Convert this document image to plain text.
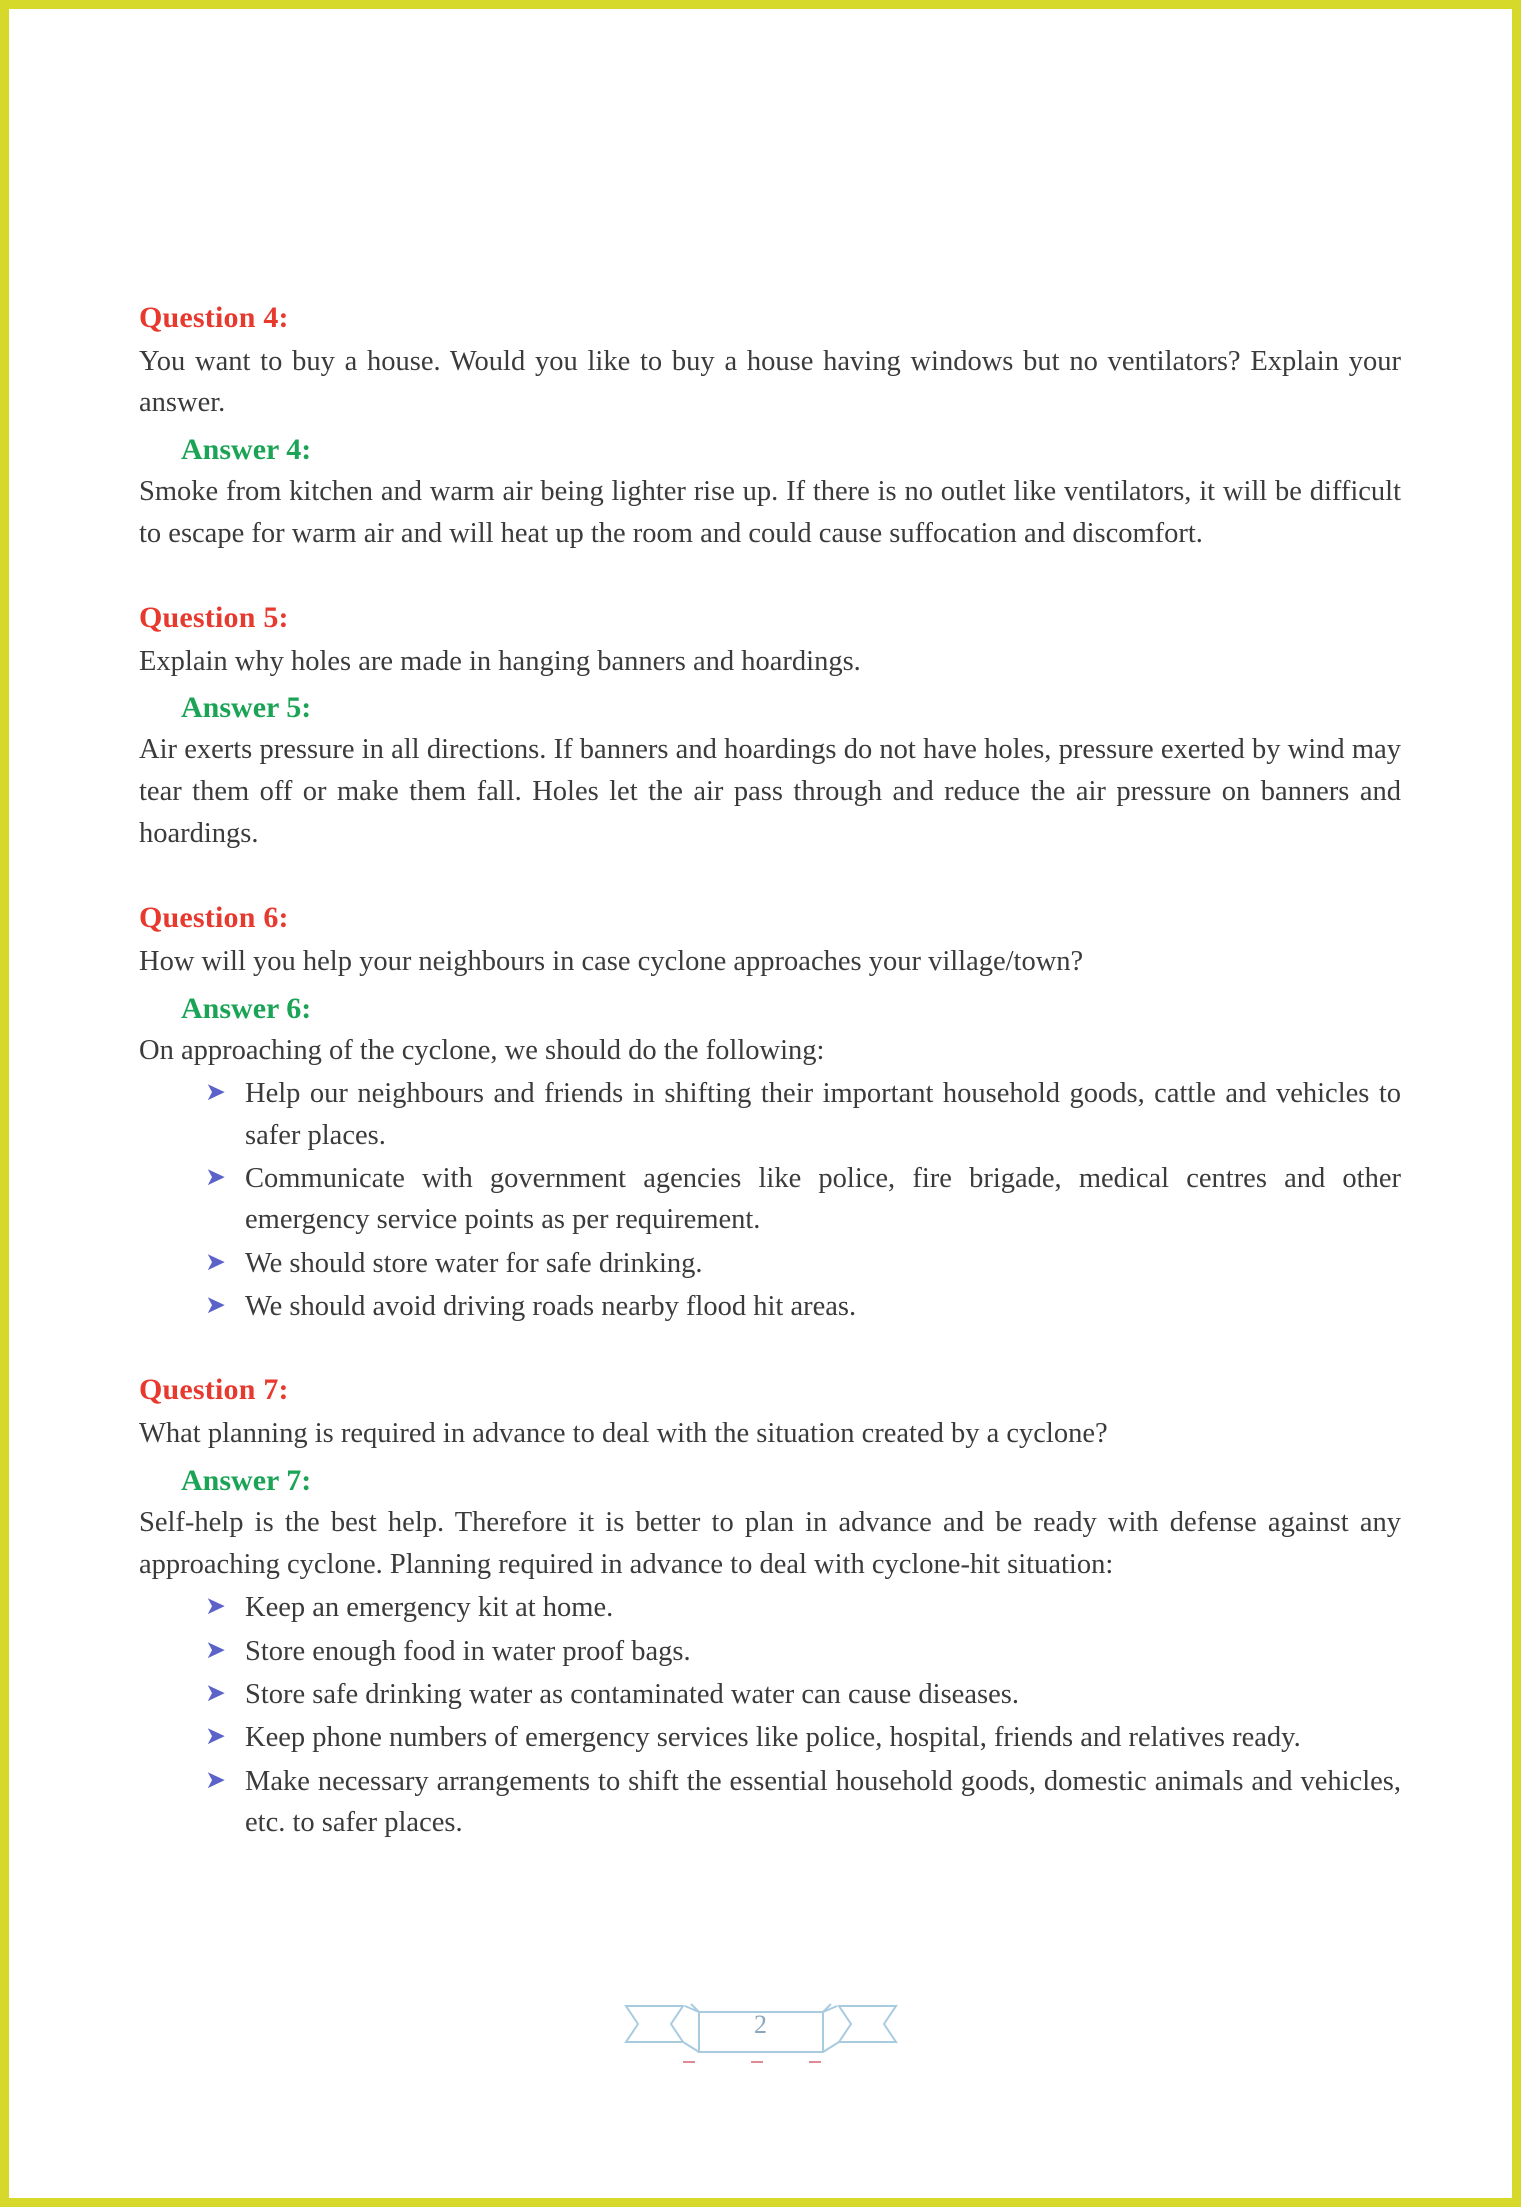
Question 4:

You want to buy a house. Would you like to buy a house having windows but no ventilators? Explain your answer.

Answer 4:

Smoke from kitchen and warm air being lighter rise up. If there is no outlet like ventilators, it will be difficult to escape for warm air and will heat up the room and could cause suffocation and discomfort.

Question 5:

Explain why holes are made in hanging banners and hoardings.

Answer 5:

Air exerts pressure in all directions. If banners and hoardings do not have holes, pressure exerted by wind may tear them off or make them fall. Holes let the air pass through and reduce the air pressure on banners and hoardings.

Question 6:

How will you help your neighbours in case cyclone approaches your village/town?

Answer 6:

On approaching of the cyclone, we should do the following:

➤ Help our neighbours and friends in shifting their important household goods, cattle and vehicles to safer places.
➤ Communicate with government agencies like police, fire brigade, medical centres and other emergency service points as per requirement.
➤ We should store water for safe drinking.
➤ We should avoid driving roads nearby flood hit areas.

Question 7:

What planning is required in advance to deal with the situation created by a cyclone?

Answer 7:

Self-help is the best help. Therefore it is better to plan in advance and be ready with defense against any approaching cyclone. Planning required in advance to deal with cyclone-hit situation:

➤ Keep an emergency kit at home.
➤ Store enough food in water proof bags.
➤ Store safe drinking water as contaminated water can cause diseases.
➤ Keep phone numbers of emergency services like police, hospital, friends and relatives ready.
➤ Make necessary arrangements to shift the essential household goods, domestic animals and vehicles, etc. to safer places.
2
